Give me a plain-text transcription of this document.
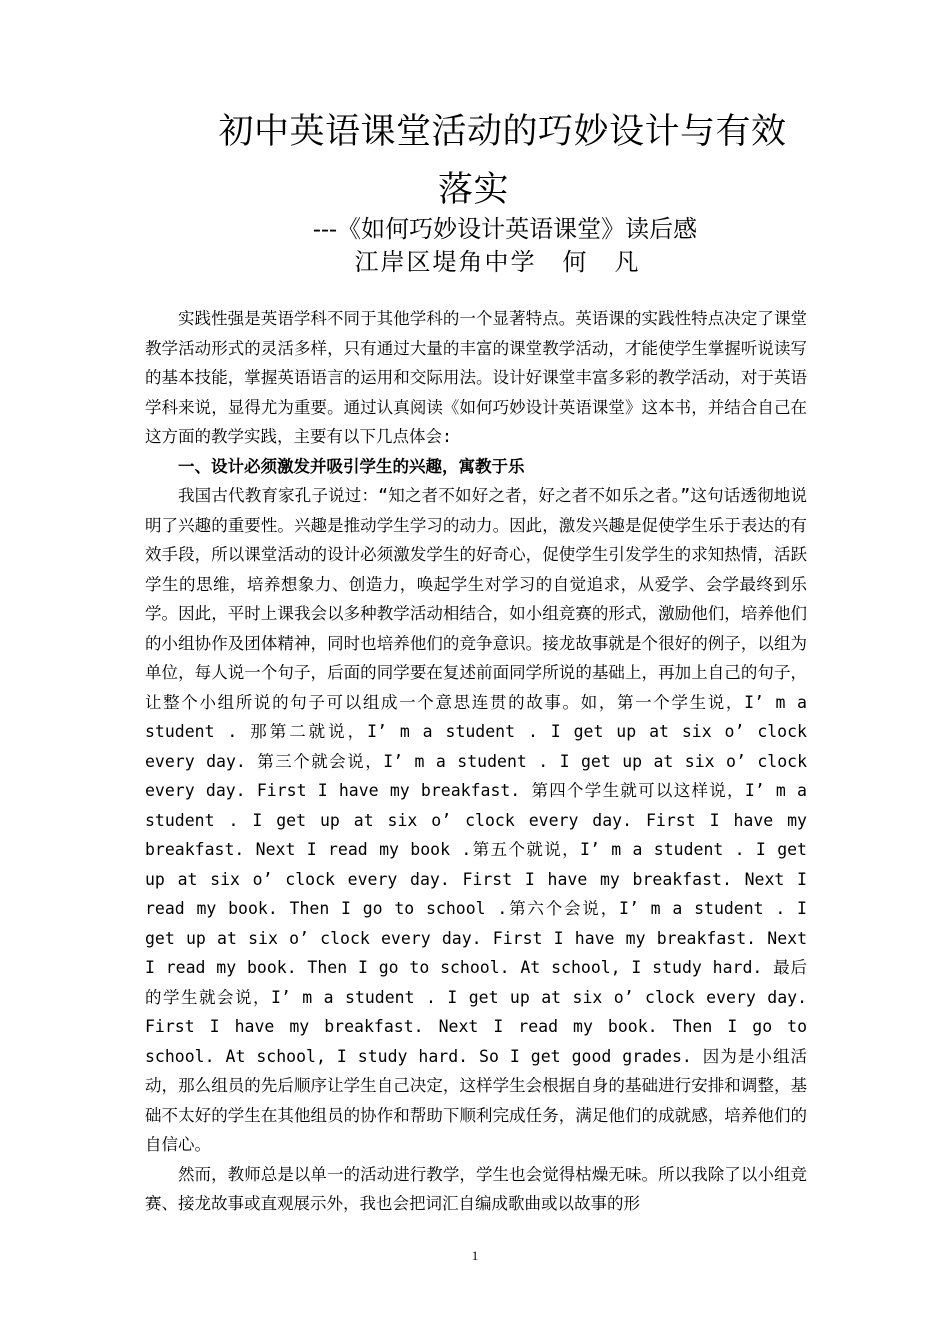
初中英语课堂活动的巧妙设计与有效
落实
---《如何巧妙设计英语课堂》读后感
江岸区堤角中学　何　凡

实践性强是英语学科不同于其他学科的一个显著特点。英语课的实践性特点决定了课堂教学活动形式的灵活多样，只有通过大量的丰富的课堂教学活动，才能使学生掌握听说读写的基本技能，掌握英语语言的运用和交际用法。设计好课堂丰富多彩的教学活动，对于英语学科来说，显得尤为重要。通过认真阅读《如何巧妙设计英语课堂》这本书，并结合自己在这方面的教学实践，主要有以下几点体会:

一、设计必须激发并吸引学生的兴趣，寓教于乐

我国古代教育家孔子说过：“知之者不如好之者，好之者不如乐之者。”这句话透彻地说明了兴趣的重要性。兴趣是推动学生学习的动力。因此，激发兴趣是促使学生乐于表达的有效手段，所以课堂活动的设计必须激发学生的好奇心，促使学生引发学生的求知热情，活跃学生的思维，培养想象力、创造力，唤起学生对学习的自觉追求，从爱学、会学最终到乐学。因此，平时上课我会以多种教学活动相结合，如小组竞赛的形式，激励他们，培养他们的小组协作及团体精神，同时也培养他们的竞争意识。接龙故事就是个很好的例子，以组为单位，每人说一个句子，后面的同学要在复述前面同学所说的基础上，再加上自己的句子，让整个小组所说的句子可以组成一个意思连贯的故事。如，第一个学生说，I’ m a student . 那第二就说，I’ m a student . I get up at six o’ clock every day. 第三个就会说，I’ m a student . I get up at six o’ clock every day. First I have my breakfast. 第四个学生就可以这样说，I’ m a student . I get up at six o’ clock every day. First I have my breakfast. Next I read my book .第五个就说，I’ m a student . I get up at six o’ clock every day. First I have my breakfast. Next I read my book. Then I go to school .第六个会说，I’ m a student . I get up at six o’ clock every day. First I have my breakfast. Next I read my book. Then I go to school. At school, I study hard. 最后的学生就会说，I’ m a student . I get up at six o’ clock every day. First I have my breakfast. Next I read my book. Then I go to school. At school, I study hard. So I get good grades. 因为是小组活动，那么组员的先后顺序让学生自己决定，这样学生会根据自身的基础进行安排和调整，基础不太好的学生在其他组员的协作和帮助下顺利完成任务，满足他们的成就感，培养他们的自信心。

然而，教师总是以单一的活动进行教学，学生也会觉得枯燥无味。所以我除了以小组竞赛、接龙故事或直观展示外，我也会把词汇自编成歌曲或以故事的形

1
